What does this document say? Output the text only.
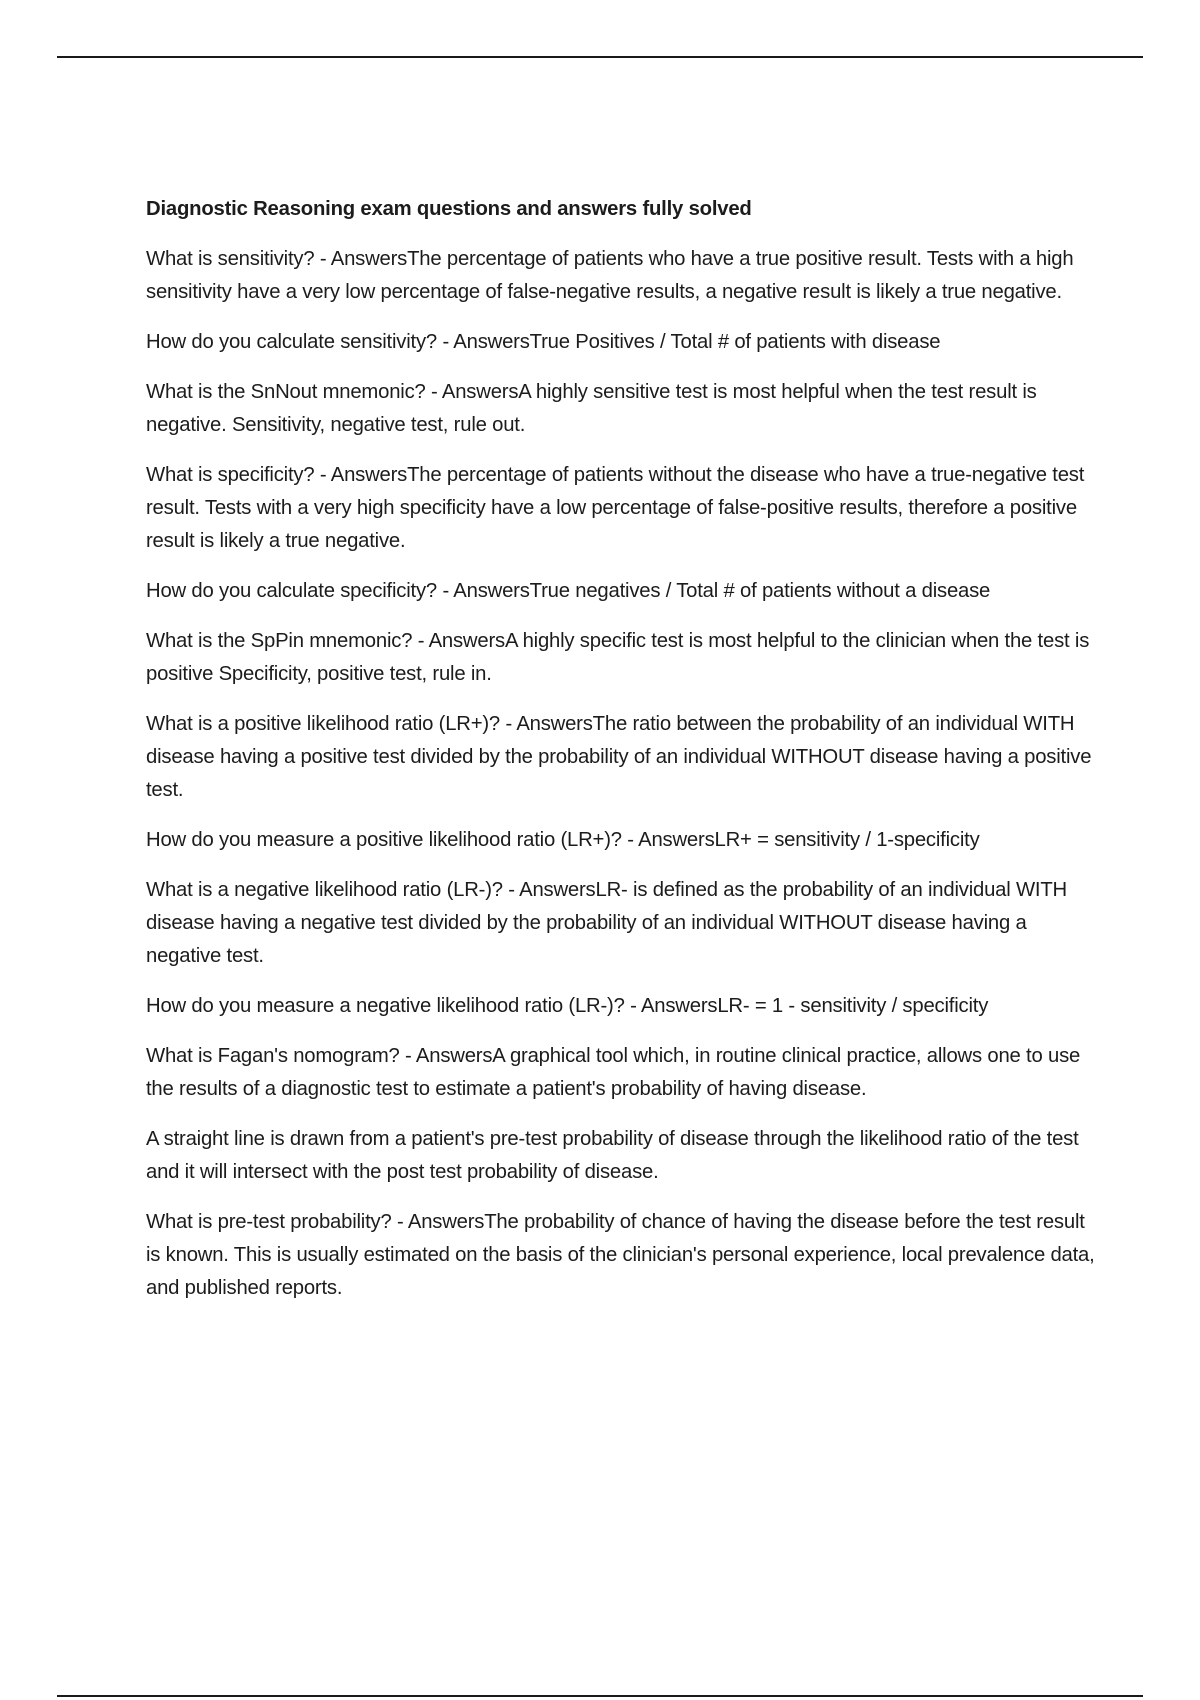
Diagnostic Reasoning exam questions and answers fully solved

What is sensitivity? - AnswersThe percentage of patients who have a true positive result. Tests with a high sensitivity have a very low percentage of false-negative results, a negative result is likely a true negative.

How do you calculate sensitivity? - AnswersTrue Positives / Total # of patients with disease

What is the SnNout mnemonic? - AnswersA highly sensitive test is most helpful when the test result is negative. Sensitivity, negative test, rule out.

What is specificity? - AnswersThe percentage of patients without the disease who have a true-negative test result. Tests with a very high specificity have a low percentage of false-positive results, therefore a positive result is likely a true negative.

How do you calculate specificity? - AnswersTrue negatives / Total # of patients without a disease

What is the SpPin mnemonic? - AnswersA highly specific test is most helpful to the clinician when the test is positive Specificity, positive test, rule in.

What is a positive likelihood ratio (LR+)? - AnswersThe ratio between the probability of an individual WITH disease having a positive test divided by the probability of an individual WITHOUT disease having a positive test.

How do you measure a positive likelihood ratio (LR+)? - AnswersLR+ = sensitivity / 1-specificity

What is a negative likelihood ratio (LR-)? - AnswersLR- is defined as the probability of an individual WITH disease having a negative test divided by the probability of an individual WITHOUT disease having a negative test.

How do you measure a negative likelihood ratio (LR-)? - AnswersLR- = 1 - sensitivity / specificity

What is Fagan's nomogram? - AnswersA graphical tool which, in routine clinical practice, allows one to use the results of a diagnostic test to estimate a patient's probability of having disease.

A straight line is drawn from a patient's pre-test probability of disease through the likelihood ratio of the test and it will intersect with the post test probability of disease.

What is pre-test probability? - AnswersThe probability of chance of having the disease before the test result is known. This is usually estimated on the basis of the clinician's personal experience, local prevalence data, and published reports.
